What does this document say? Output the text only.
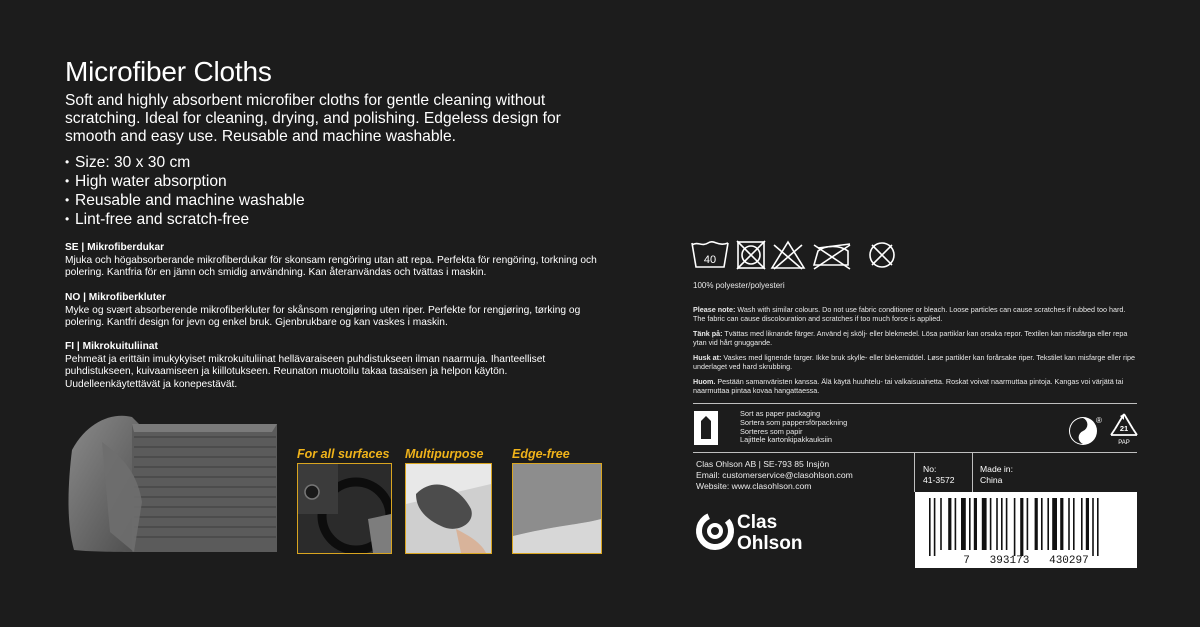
Microfiber Cloths
Soft and highly absorbent microfiber cloths for gentle cleaning without scratching. Ideal for cleaning, drying, and polishing. Edgeless design for smooth and easy use. Reusable and machine washable.
• Size: 30 x 30 cm
• High water absorption
• Reusable and machine washable
• Lint-free and scratch-free
SE | Mikrofiberdukar
Mjuka och högabsorberande mikrofiberdukar för skonsam rengöring utan att repa. Perfekta för rengöring, torkning och polering. Kantfria för en jämn och smidig användning. Kan återanvändas och tvättas i maskin.
NO | Mikrofiberkluter
Myke og svært absorberende mikrofiberkluter for skånsom rengjøring uten riper. Perfekte for rengjøring, tørking og polering. Kantfri design for jevn og enkel bruk. Gjenbrukbare og kan vaskes i maskin.
FI | Mikrokuituliinat
Pehmeät ja erittäin imukykyiset mikrokuituliinat hellävaraiseen puhdistukseen ilman naarmuja. Ihanteelliset puhdistukseen, kuivaamiseen ja kiillotukseen. Reunaton muotoilu takaa tasaisen ja helpon käytön. Uudelleenkäytettävät ja konepestävät.
For all surfaces Multipurpose Edge-free
40
100% polyester/polyesteri
Please note: Wash with similar colours. Do not use fabric conditioner or bleach. Loose particles can cause scratches if rubbed too hard. The fabric can cause discolouration and scratches if too much force is applied.
Tänk på: Tvättas med liknande färger. Använd ej skölj- eller blekmedel. Lösa partiklar kan orsaka repor. Textilen kan missfärga eller repa ytan vid hårt gnuggande.
Husk at: Vaskes med lignende farger. Ikke bruk skylle- eller blekemiddel. Løse partikler kan forårsake riper. Tekstilet kan misfarge eller ripe underlaget ved hard skrubbing.
Huom. Pestään samanväristen kanssa. Älä käytä huuhtelu- tai valkaisuainetta. Roskat voivat naarmuttaa pintoja. Kangas voi värjätä tai naarmuttaa pintaa kovaa hangattaessa.
Sort as paper packaging
Sortera som pappersförpackning
Sorteres som papir
Lajittele kartonkipakkauksiin
®
21
PAP
Clas Ohlson AB | SE-793 85 Insjön
Email: customerservice@clasohlson.com
Website: www.clasohlson.com
No:
41-3572
Made in:
China
Clas
Ohlson
7   393173   430297
